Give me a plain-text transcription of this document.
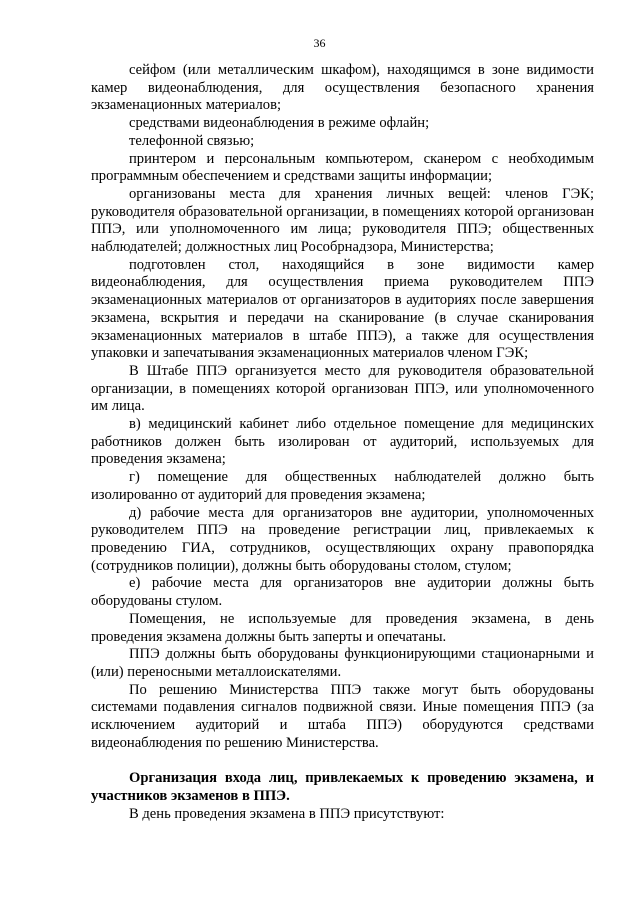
36

сейфом (или металлическим шкафом), находящимся в зоне видимости камер видеонаблюдения, для осуществления безопасного хранения экзаменационных материалов;

средствами видеонаблюдения в режиме офлайн;

телефонной связью;

принтером и персональным компьютером, сканером с необходимым программным обеспечением и средствами защиты информации;

организованы места для хранения личных вещей: членов ГЭК; руководителя образовательной организации, в помещениях которой организован ППЭ, или уполномоченного им лица; руководителя ППЭ; общественных наблюдателей; должностных лиц Рособрнадзора, Министерства;

подготовлен стол, находящийся в зоне видимости камер видеонаблюдения, для осуществления приема руководителем ППЭ экзаменационных материалов от организаторов в аудиториях после завершения экзамена, вскрытия и передачи на сканирование (в случае сканирования экзаменационных материалов в штабе ППЭ), а также для осуществления упаковки и запечатывания экзаменационных материалов членом ГЭК;

В Штабе ППЭ организуется место для руководителя образовательной организации, в помещениях которой организован ППЭ, или уполномоченного им лица.

в) медицинский кабинет либо отдельное помещение для медицинских работников должен быть изолирован от аудиторий, используемых для проведения экзамена;

г) помещение для общественных наблюдателей должно быть изолированно от аудиторий для проведения экзамена;

д) рабочие места для организаторов вне аудитории, уполномоченных руководителем ППЭ на проведение регистрации лиц, привлекаемых к проведению ГИА, сотрудников, осуществляющих охрану правопорядка (сотрудников полиции), должны быть оборудованы столом, стулом;

е) рабочие места для организаторов вне аудитории должны быть оборудованы стулом.

Помещения, не используемые для проведения экзамена, в день проведения экзамена должны быть заперты и опечатаны.

ППЭ должны быть оборудованы функционирующими стационарными и (или) переносными металлоискателями.

По решению Министерства ППЭ также могут быть оборудованы системами подавления сигналов подвижной связи. Иные помещения ППЭ (за исключением аудиторий и штаба ППЭ) оборудуются средствами видеонаблюдения по решению Министерства.

Организация входа лиц, привлекаемых к проведению экзамена, и участников экзаменов в ППЭ.

В день проведения экзамена в ППЭ присутствуют:
